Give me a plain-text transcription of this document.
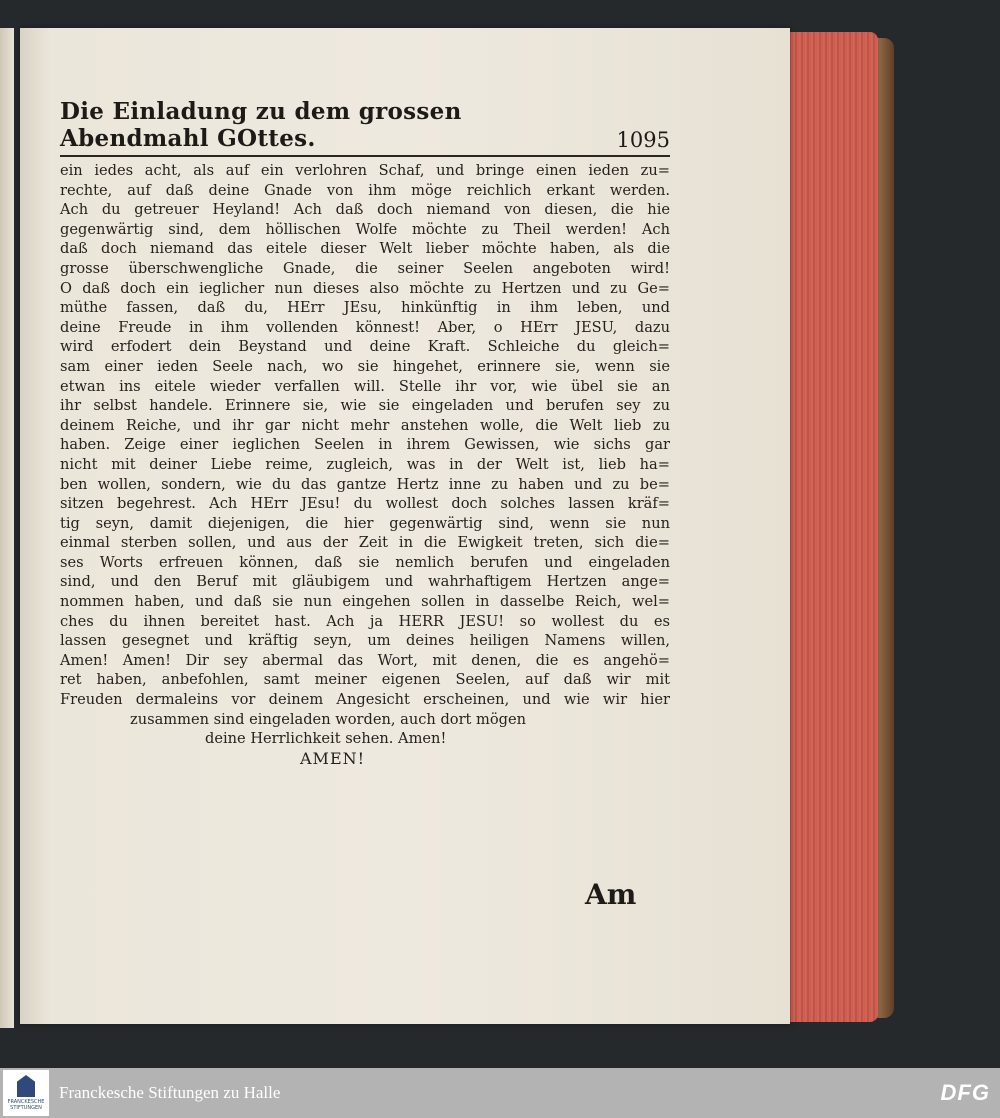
Die Einladung zu dem grossen Abendmahl GOttes.	1095
ein iedes acht, als auf ein verlohren Schaf, und bringe einen ieden zu=
rechte, auf daß deine Gnade von ihm möge reichlich erkant werden.
Ach du getreuer Heyland! Ach daß doch niemand von diesen, die hie
gegenwärtig sind, dem höllischen Wolfe möchte zu Theil werden! Ach
daß doch niemand das eitele dieser Welt lieber möchte haben, als die
grosse überschwengliche Gnade, die seiner Seelen angeboten wird!
O daß doch ein ieglicher nun dieses also möchte zu Hertzen und zu Ge=
müthe fassen, daß du, HErr JEsu, hinkünftig in ihm leben, und
deine Freude in ihm vollenden könnest! Aber, o HErr JESU, dazu
wird erfodert dein Beystand und deine Kraft. Schleiche du gleich=
sam einer ieden Seele nach, wo sie hingehet, erinnere sie, wenn sie
etwan ins eitele wieder verfallen will. Stelle ihr vor, wie übel sie an
ihr selbst handele. Erinnere sie, wie sie eingeladen und berufen sey zu
deinem Reiche, und ihr gar nicht mehr anstehen wolle, die Welt lieb zu
haben. Zeige einer ieglichen Seelen in ihrem Gewissen, wie sichs gar
nicht mit deiner Liebe reime, zugleich, was in der Welt ist, lieb ha=
ben wollen, sondern, wie du das gantze Hertz inne zu haben und zu be=
sitzen begehrest. Ach HErr JEsu! du wollest doch solches lassen kräf=
tig seyn, damit diejenigen, die hier gegenwärtig sind, wenn sie nun
einmal sterben sollen, und aus der Zeit in die Ewigkeit treten, sich die=
ses Worts erfreuen können, daß sie nemlich berufen und eingeladen
sind, und den Beruf mit gläubigem und wahrhaftigem Hertzen ange=
nommen haben, und daß sie nun eingehen sollen in dasselbe Reich, wel=
ches du ihnen bereitet hast. Ach ja HERR JESU! so wollest du es
lassen gesegnet und kräftig seyn, um deines heiligen Namens willen,
Amen! Amen! Dir sey abermal das Wort, mit denen, die es angehö=
ret haben, anbefohlen, samt meiner eigenen Seelen, auf daß wir mit
Freuden dermaleins vor deinem Angesicht erscheinen, und wie wir hier
zusammen sind eingeladen worden, auch dort mögen
deine Herrlichkeit sehen. Amen!
AMEN!
Am
FRANCKESCHE STIFTUNGEN
Franckesche Stiftungen zu Halle	DFG
